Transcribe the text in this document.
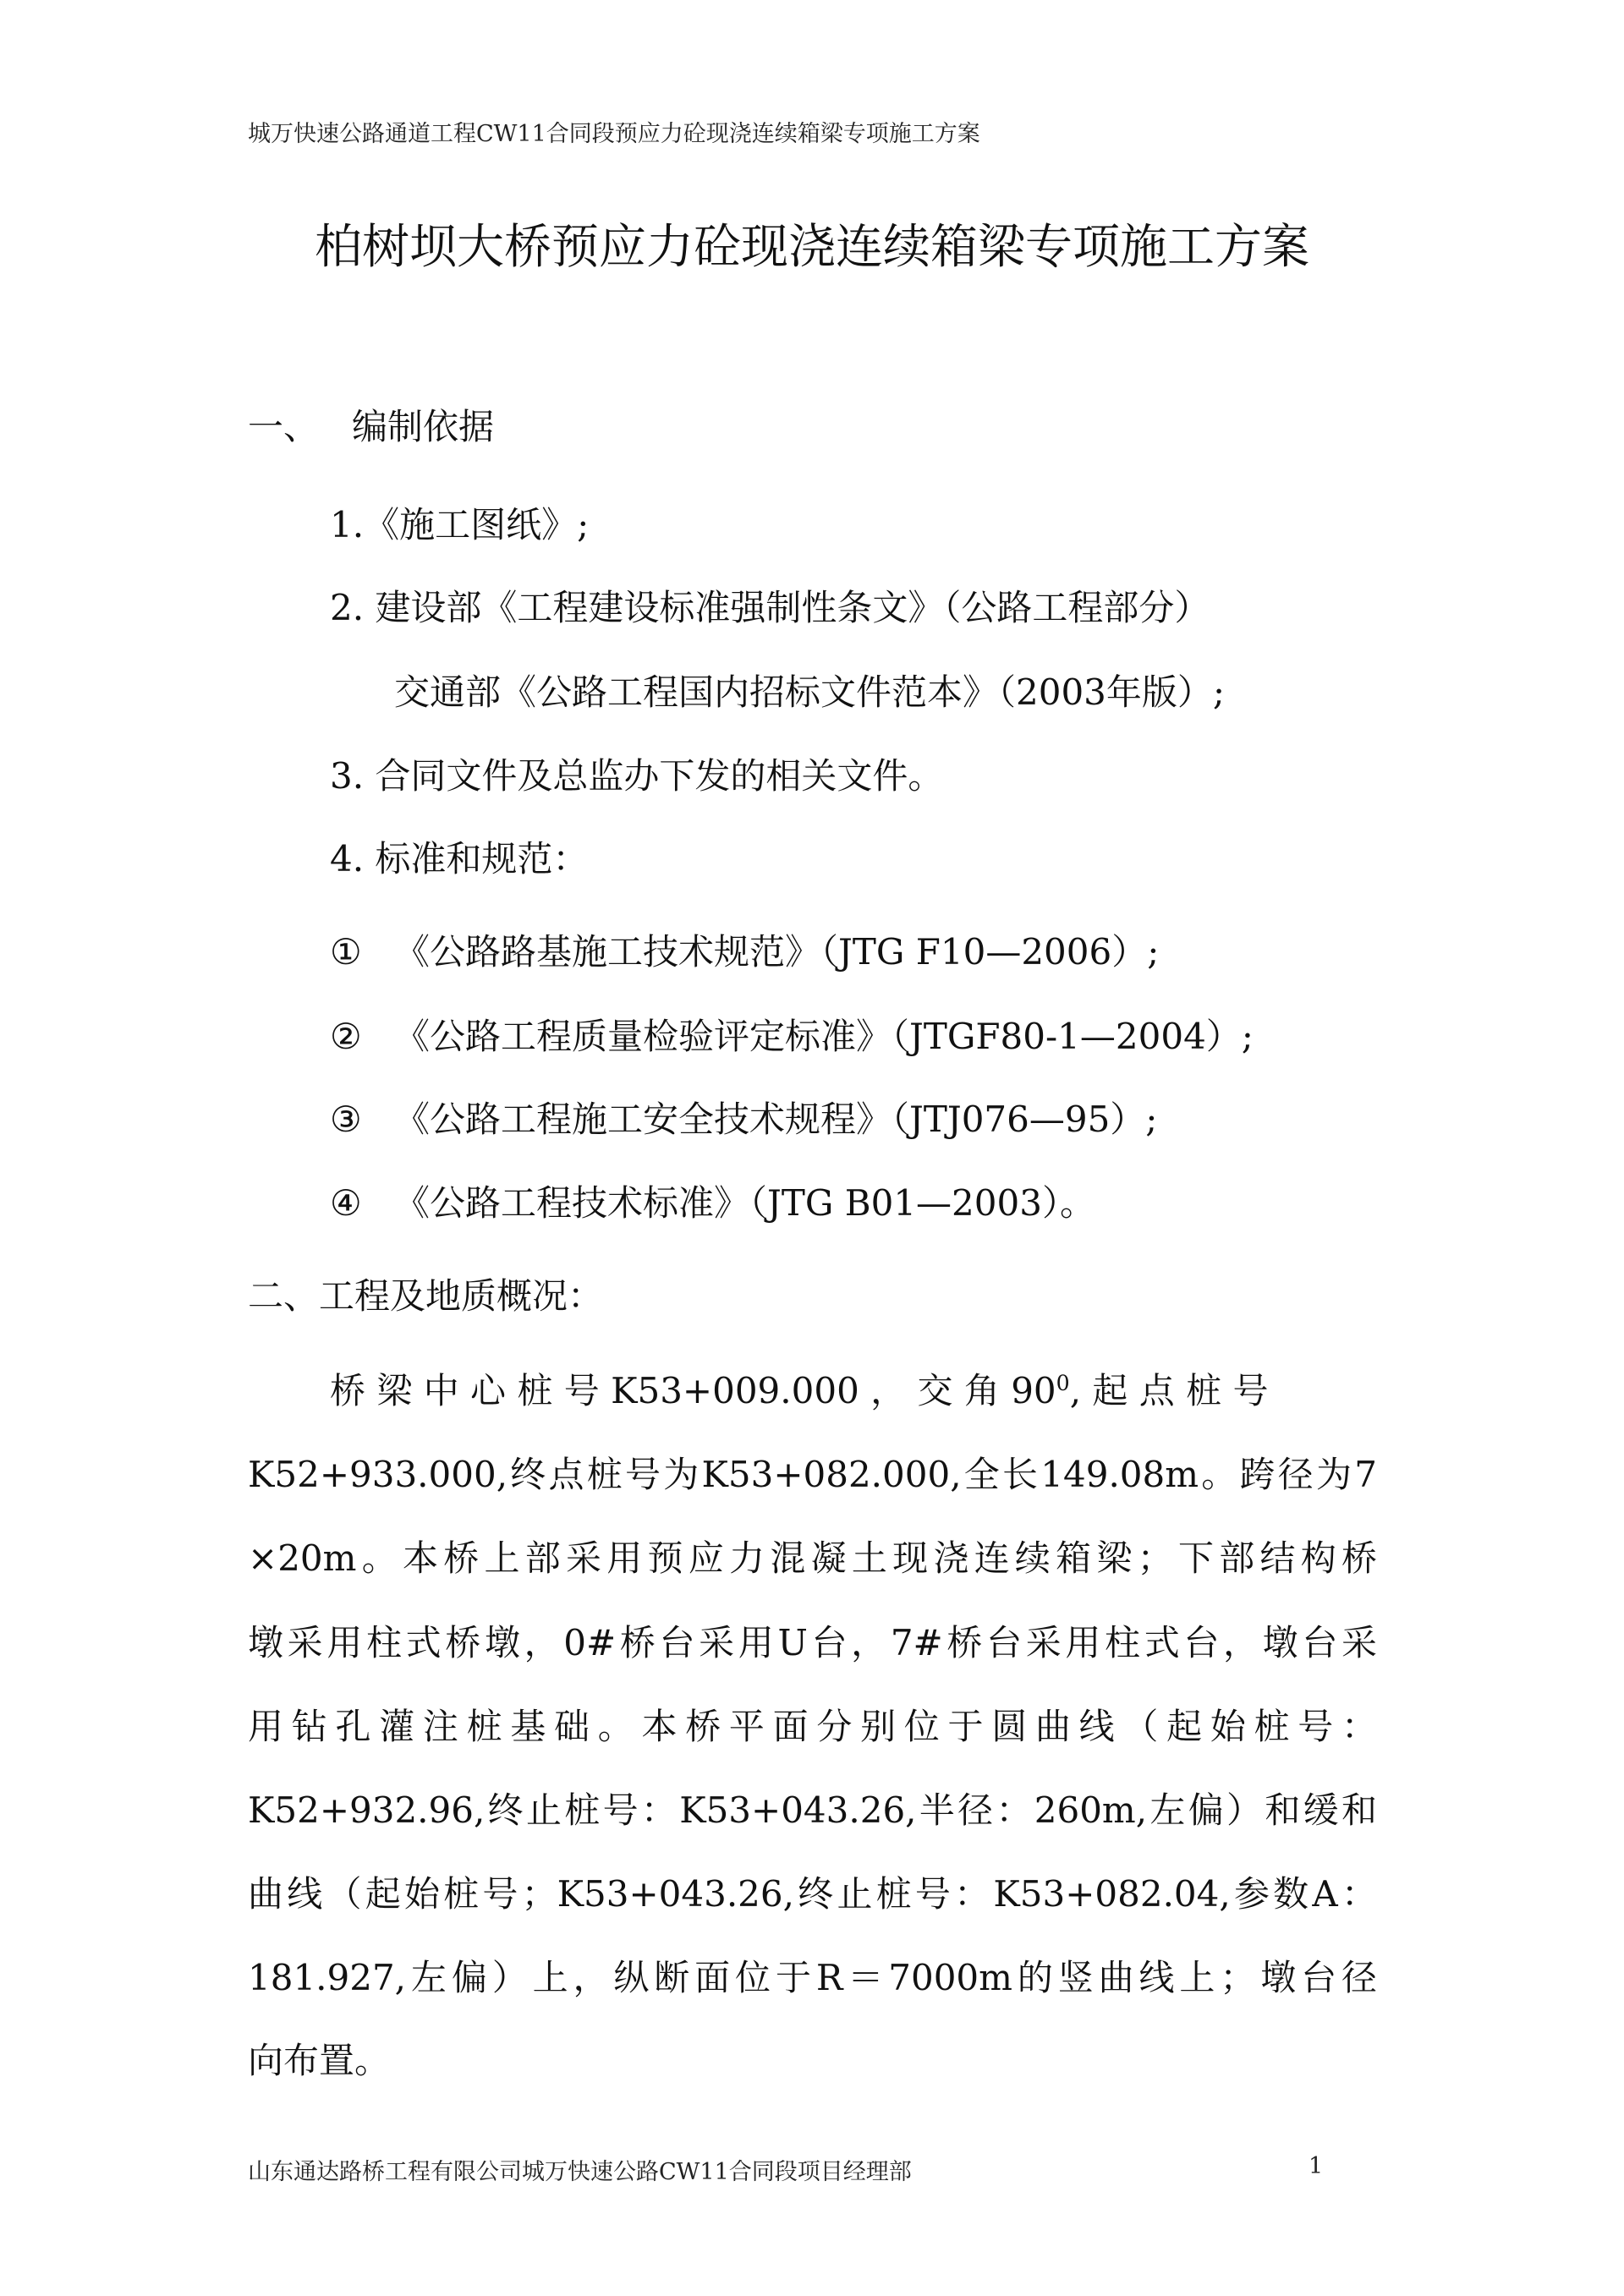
城万快速公路通道工程CW11合同段预应力砼现浇连续箱梁专项施工方案
柏树坝大桥预应力砼现浇连续箱梁专项施工方案
一、 编制依据
1.《施工图纸》;
2. 建设部《工程建设标准强制性条文》（公路工程部分）
交通部《公路工程国内招标文件范本》（2003年版）;
3. 合同文件及总监办下发的相关文件。
4. 标准和规范：
① 《公路路基施工技术规范》（JTG F10—2006）;
② 《公路工程质量检验评定标准》（JTGF80-1—2004）;
③ 《公路工程施工安全技术规程》（JTJ076—95）;
④ 《公路工程技术标准》（JTG B01—2003）。
二、工程及地质概况：
桥 梁 中 心 桩 号 K53+009.000 ， 交 角 $90^0$, 起 点 桩 号
K52+933.000,终点桩号为K53+082.000,全长149.08m。跨径为7
×20m。本桥上部采用预应力混凝土现浇连续箱梁；下部结构桥
墩采用柱式桥墩，0#桥台采用U台，7#桥台采用柱式台，墩台采
用钻孔灌注桩基础。本桥平面分别位于圆曲线（起始桩号：
K52+932.96,终止桩号：K53+043.26,半径：260m,左偏）和缓和
曲线（起始桩号；K53+043.26,终止桩号：K53+082.04,参数A：
181.927,左偏）上，纵断面位于R＝7000m的竖曲线上；墩台径
向布置。
山东通达路桥工程有限公司城万快速公路CW11合同段项目经理部	1
